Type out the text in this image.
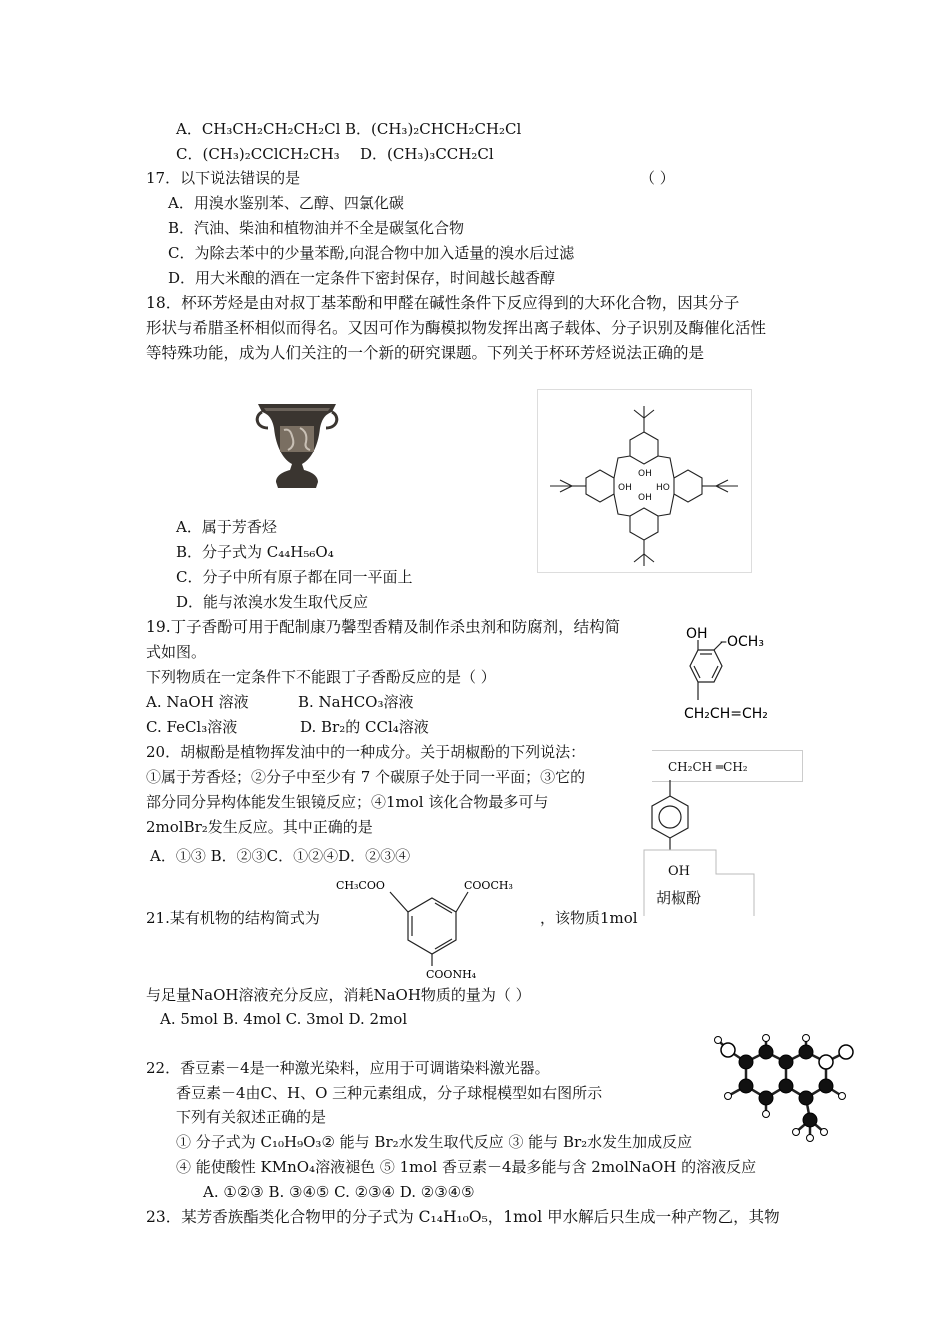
A．CH₃CH₂CH₂CH₂Cl B．(CH₃)₂CHCH₂CH₂Cl
C．(CH₃)₂CClCH₂CH₃ D．(CH₃)₃CCH₂Cl
17．以下说法错误的是	（ ）
A．用溴水鉴别苯、乙醇、四氯化碳
B．汽油、柴油和植物油并不全是碳氢化合物
C．为除去苯中的少量苯酚,向混合物中加入适量的溴水后过滤
D．用大米酿的酒在一定条件下密封保存，时间越长越香醇
18．杯环芳烃是由对叔丁基苯酚和甲醛在碱性条件下反应得到的大环化合物，因其分子
形状与希腊圣杯相似而得名。又因可作为酶模拟物发挥出离子载体、分子识别及酶催化活性
等特殊功能，成为人们关注的一个新的研究课题。下列关于杯环芳烃说法正确的是
OH
OH	HO
OH
A．属于芳香烃
B．分子式为 C₄₄H₅₆O₄
C．分子中所有原子都在同一平面上
D．能与浓溴水发生取代反应
19.丁子香酚可用于配制康乃馨型香精及制作杀虫剂和防腐剂，结构简
式如图。
下列物质在一定条件下不能跟丁子香酚反应的是（ ）
A. NaOH 溶液	B. NaHCO₃溶液
C. FeCl₃溶液	D. Br₂的 CCl₄溶液
OH –OCH₃
CH₂CH=CH₂
20．胡椒酚是植物挥发油中的一种成分。关于胡椒酚的下列说法：
①属于芳香烃；②分子中至少有 7 个碳原子处于同一平面；③它的
部分同分异构体能发生银镜反应；④1mol 该化合物最多可与
2molBr₂发生反应。其中正确的是
A．①③ B．②③C．①②④D．②③④
CH₂CH ═CH₂
OH
胡椒酚
21.某有机物的结构简式为	，该物质1mol
CH₃COO	COOCH₃
COONH₄
与足量NaOH溶液充分反应，消耗NaOH物质的量为（ ）
A. 5mol B. 4mol C. 3mol D. 2mol
22．香豆素－4是一种激光染料，应用于可调谐染料激光器。
香豆素－4由C、H、O 三种元素组成，分子球棍模型如右图所示
下列有关叙述正确的是
① 分子式为 C₁₀H₉O₃② 能与 Br₂水发生取代反应 ③ 能与 Br₂水发生加成反应
④ 能使酸性 KMnO₄溶液褪色 ⑤ 1mol 香豆素－4最多能与含 2molNaOH 的溶液反应
A. ①②③ B. ③④⑤ C. ②③④ D. ②③④⑤
23．某芳香族酯类化合物甲的分子式为 C₁₄H₁₀O₅，1mol 甲水解后只生成一种产物乙，其物
